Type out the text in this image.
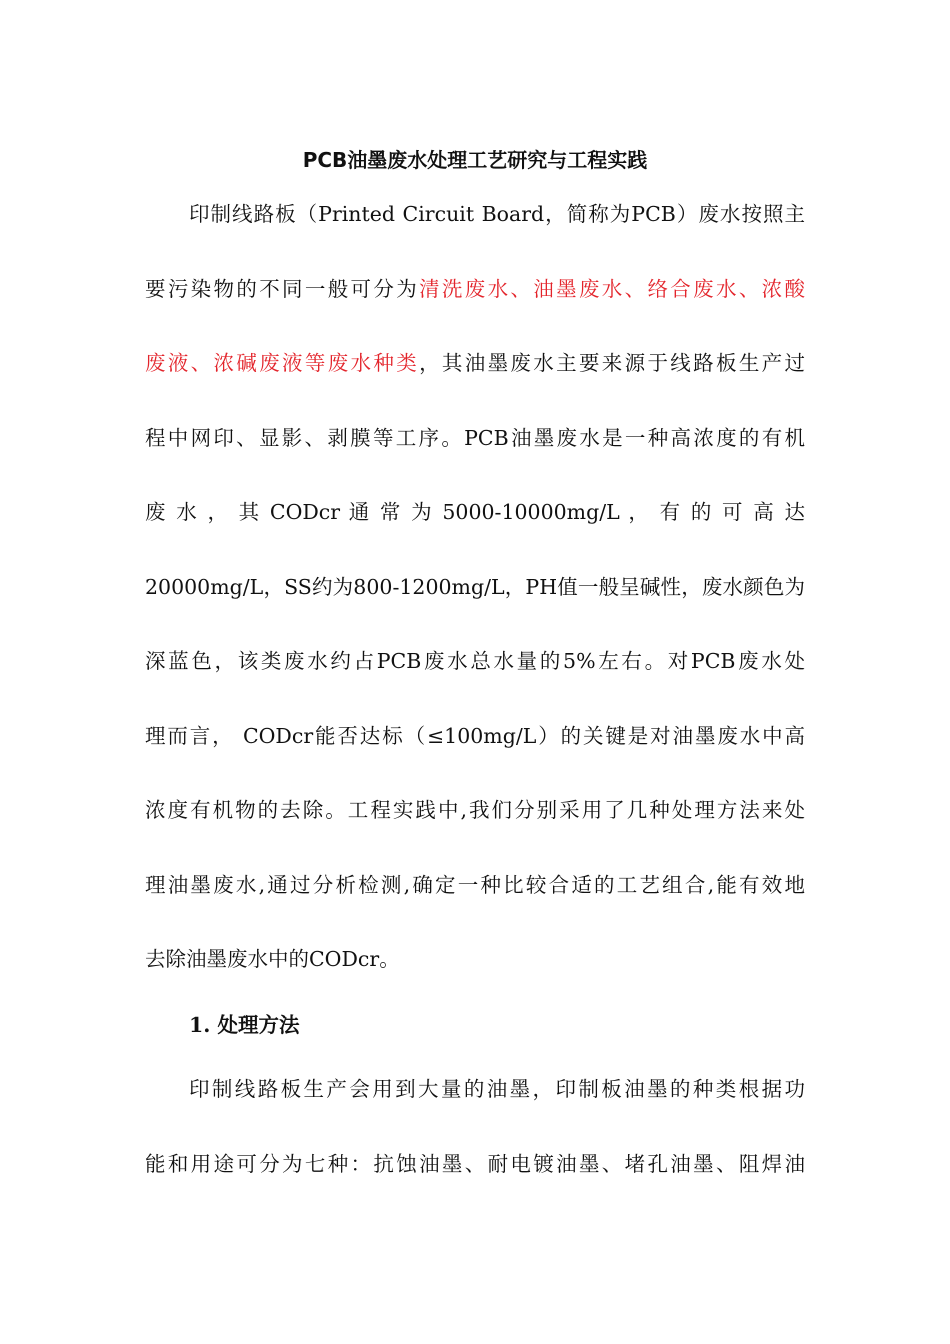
PCB油墨废水处理工艺研究与工程实践
印制线路板（Printed Circuit Board，简称为PCB）废水按照主
要污染物的不同一般可分为清洗废水、油墨废水、络合废水、浓酸
废液、浓碱废液等废水种类，其油墨废水主要来源于线路板生产过
程中网印、显影、剥膜等工序。PCB油墨废水是一种高浓度的有机
废 水 ， 其 CODcr 通 常 为 5000-10000mg/L ， 有 的 可 高 达
20000mg/L，SS约为800-1200mg/L，PH值一般呈碱性，废水颜色为
深蓝色，该类废水约占PCB废水总水量的5%左右。对PCB废水处
理而言， CODcr能否达标（≤100mg/L）的关键是对油墨废水中高
浓度有机物的去除。工程实践中,我们分别采用了几种处理方法来处
理油墨废水,通过分析检测,确定一种比较合适的工艺组合,能有效地
去除油墨废水中的CODcr。
1. 处理方法
印制线路板生产会用到大量的油墨，印制板油墨的种类根据功
能和用途可分为七种：抗蚀油墨、耐电镀油墨、堵孔油墨、阻焊油
